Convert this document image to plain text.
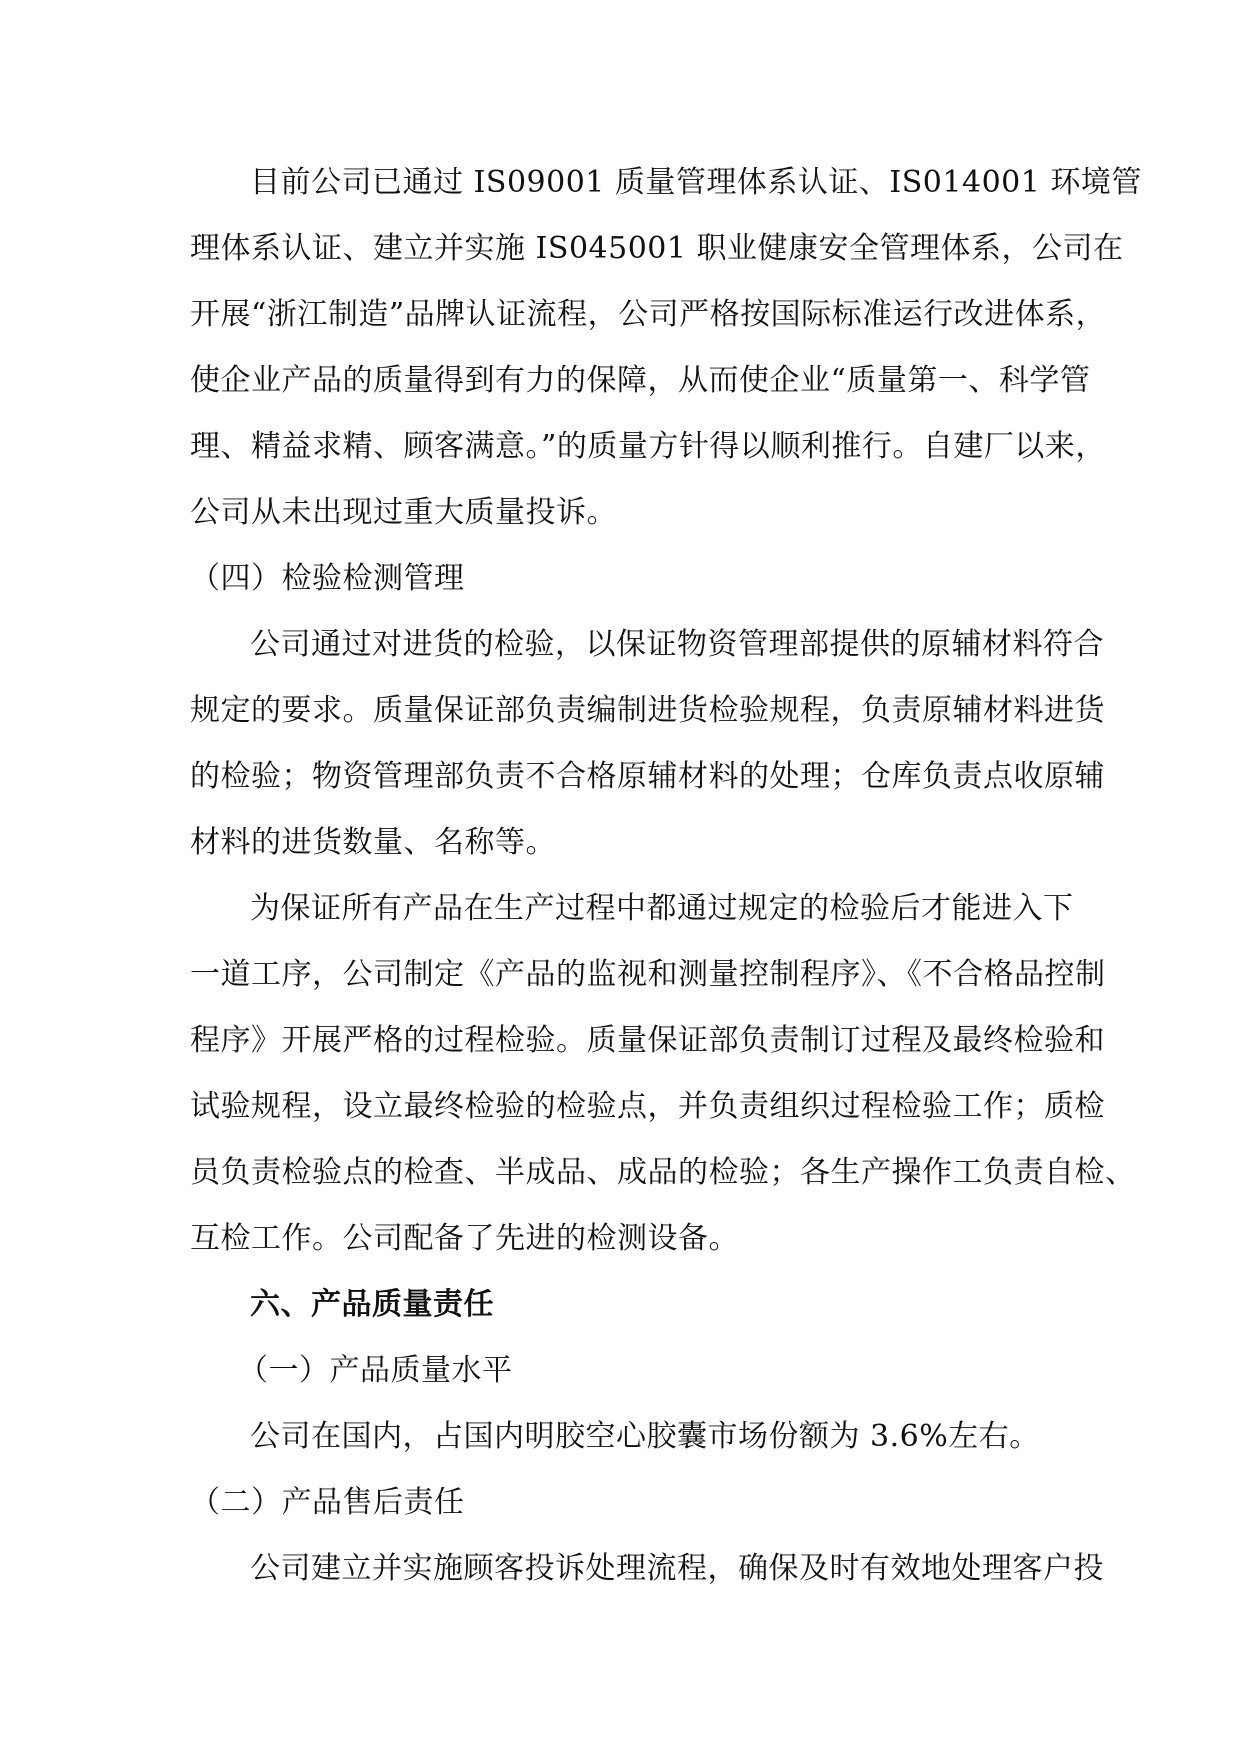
目前公司已通过 IS09001 质量管理体系认证、IS014001 环境管
理体系认证、建立并实施 IS045001 职业健康安全管理体系，公司在
开展“浙江制造”品牌认证流程，公司严格按国际标准运行改进体系，
使企业产品的质量得到有力的保障，从而使企业“质量第一、科学管
理、精益求精、顾客满意。”的质量方针得以顺利推行。自建厂以来，
公司从未出现过重大质量投诉。
（四）检验检测管理
公司通过对进货的检验，以保证物资管理部提供的原辅材料符合
规定的要求。质量保证部负责编制进货检验规程，负责原辅材料进货
的检验；物资管理部负责不合格原辅材料的处理；仓库负责点收原辅
材料的进货数量、名称等。
为保证所有产品在生产过程中都通过规定的检验后才能进入下
一道工序，公司制定《产品的监视和测量控制程序》、《不合格品控制
程序》开展严格的过程检验。质量保证部负责制订过程及最终检验和
试验规程，设立最终检验的检验点，并负责组织过程检验工作；质检
员负责检验点的检查、半成品、成品的检验；各生产操作工负责自检、
互检工作。公司配备了先进的检测设备。
六、产品质量责任
（一）产品质量水平
公司在国内，占国内明胶空心胶囊市场份额为 3.6%左右。
（二）产品售后责任
公司建立并实施顾客投诉处理流程，确保及时有效地处理客户投
